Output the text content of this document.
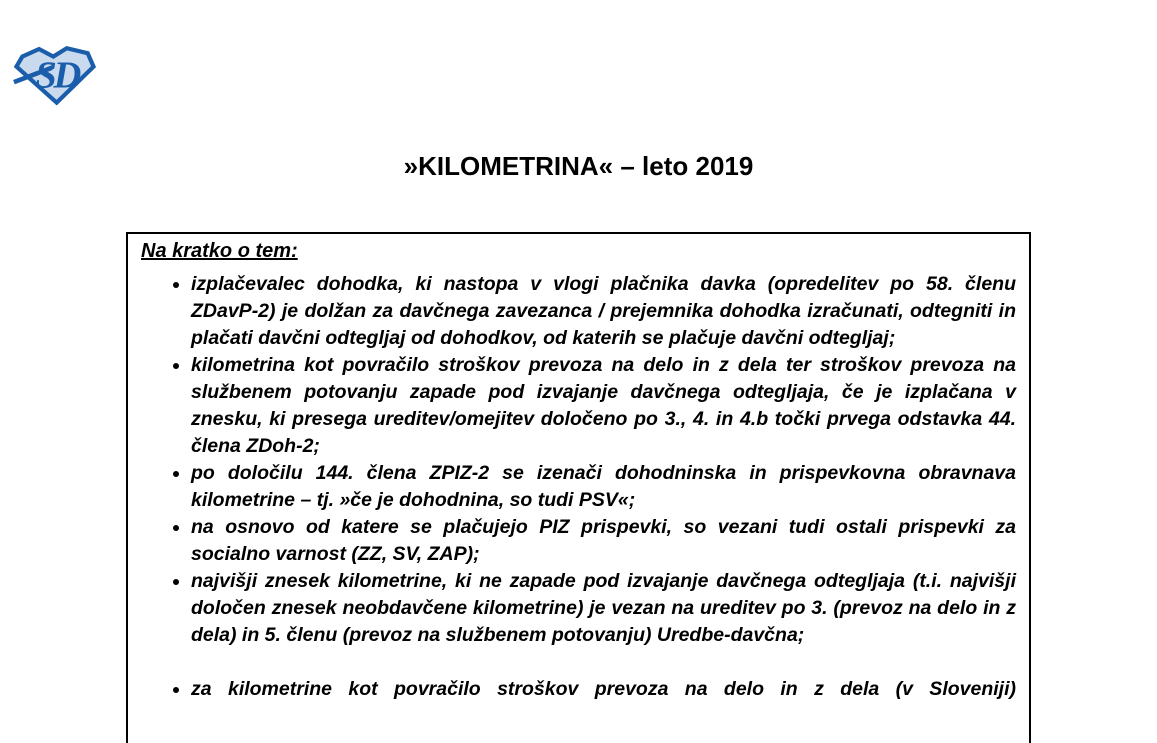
SD
»KILOMETRINA« – leto 2019
Na kratko o tem:
• izplačevalec dohodka, ki nastopa v vlogi plačnika davka (opredelitev po 58. členu ZDavP-2) je dolžan za davčnega zavezanca / prejemnika dohodka izračunati, odtegniti in plačati davčni odtegljaj od dohodkov, od katerih se plačuje davčni odtegljaj;
• kilometrina kot povračilo stroškov prevoza na delo in z dela ter stroškov prevoza na službenem potovanju zapade pod izvajanje davčnega odtegljaja, če je izplačana v znesku, ki presega ureditev/omejitev določeno po 3., 4. in 4.b točki prvega odstavka 44. člena ZDoh-2;
• po določilu 144. člena ZPIZ-2 se izenači dohodninska in prispevkovna obravnava kilometrine – tj. »če je dohodnina, so tudi PSV«;
• na osnovo od katere se plačujejo PIZ prispevki, so vezani tudi ostali prispevki za socialno varnost (ZZ, SV, ZAP);
• najvišji znesek kilometrine, ki ne zapade pod izvajanje davčnega odtegljaja (t.i. najvišji določen znesek neobdavčene kilometrine) je vezan na ureditev po 3. (prevoz na delo in z dela) in 5. členu (prevoz na službenem potovanju) Uredbe-davčna;
• za kilometrine kot povračilo stroškov prevoza na delo in z dela (v Sloveniji)
